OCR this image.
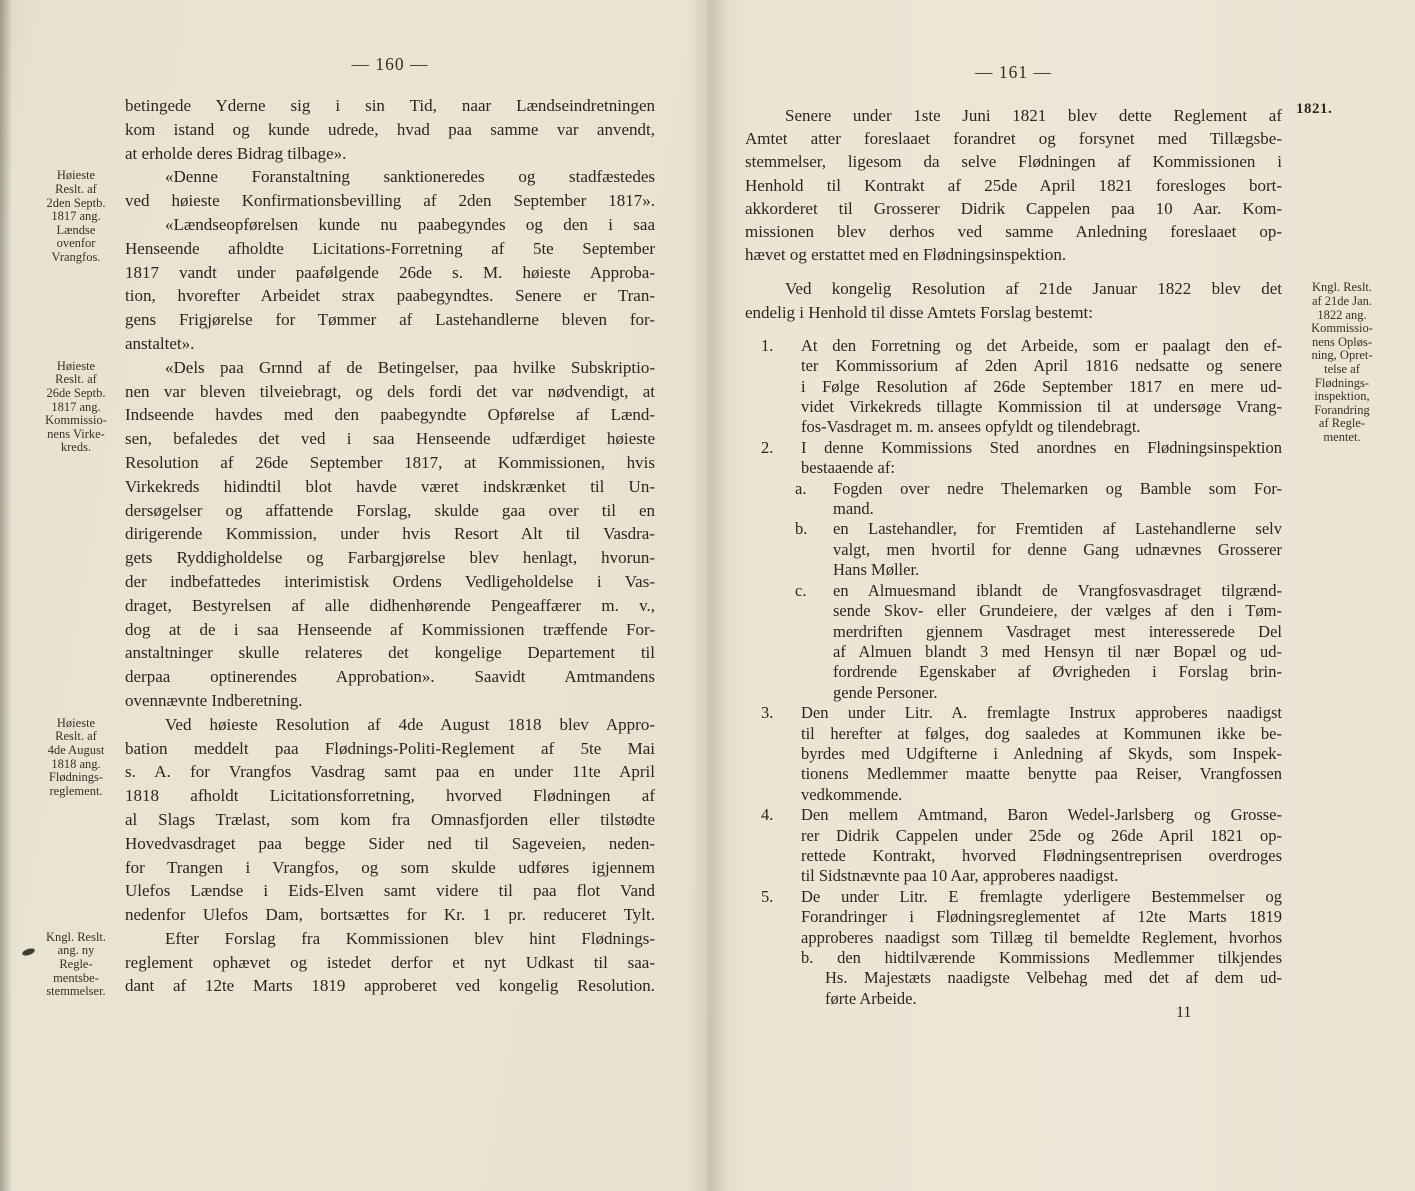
— 160 —
betingede Yderne sig i sin Tid, naar Lændseindretningen
kom istand og kunde udrede, hvad paa samme var anvendt,
at erholde deres Bidrag tilbage».
Høieste
Reslt. af
2den Septb.
1817 ang.
Lændse
ovenfor
Vrangfos.
«Denne Foranstaltning sanktioneredes og stadfæstedes
ved høieste Konfirmationsbevilling af 2den September 1817».
«Lændseopførelsen kunde nu paabegyndes og den i saa
Henseende afholdte Licitations-Forretning af 5te September
1817 vandt under paafølgende 26de s. M. høieste Approba-
tion, hvorefter Arbeidet strax paabegyndtes. Senere er Tran-
gens Frigjørelse for Tømmer af Lastehandlerne bleven for-
anstaltet».
Høieste
Reslt. af
26de Septb.
1817 ang.
Kommissio-
nens Virke-
kreds.
«Dels paa Grnnd af de Betingelser, paa hvilke Subskriptio-
nen var bleven tilveiebragt, og dels fordi det var nødvendigt, at
Indseende havdes med den paabegyndte Opførelse af Lænd-
sen, befaledes det ved i saa Henseende udfærdiget høieste
Resolution af 26de September 1817, at Kommissionen, hvis
Virkekreds hidindtil blot havde været indskrænket til Un-
dersøgelser og affattende Forslag, skulde gaa over til en
dirigerende Kommission, under hvis Resort Alt til Vasdra-
gets Ryddigholdelse og Farbargjørelse blev henlagt, hvorun-
der indbefattedes interimistisk Ordens Vedligeholdelse i Vas-
draget, Bestyrelsen af alle didhenhørende Pengeaffærer m. v.,
dog at de i saa Henseende af Kommissionen træffende For-
anstaltninger skulle relateres det kongelige Departement til
derpaa optinerendes Approbation». Saavidt Amtmandens
ovennævnte Indberetning.
Høieste
Reslt. af
4de August
1818 ang.
Flødnings-
reglement.
Ved høieste Resolution af 4de August 1818 blev Appro-
bation meddelt paa Flødnings-Politi-Reglement af 5te Mai
s. A. for Vrangfos Vasdrag samt paa en under 11te April
1818 afholdt Licitationsforretning, hvorved Flødningen af
al Slags Trælast, som kom fra Omnasfjorden eller tilstødte
Hovedvasdraget paa begge Sider ned til Sageveien, neden-
for Trangen i Vrangfos, og som skulde udføres igjennem
Ulefos Lændse i Eids-Elven samt videre til paa flot Vand
nedenfor Ulefos Dam, bortsættes for Kr. 1 pr. reduceret Tylt.
Kngl. Reslt.
ang. ny
Regle-
mentsbe-
stemmelser.
Efter Forslag fra Kommissionen blev hint Flødnings-
reglement ophævet og istedet derfor et nyt Udkast til saa-
dant af 12te Marts 1819 approberet ved kongelig Resolution.
— 161 —
1821.
Senere under 1ste Juni 1821 blev dette Reglement af
Amtet atter foreslaaet forandret og forsynet med Tillægsbe-
stemmelser, ligesom da selve Flødningen af Kommissionen i
Henhold til Kontrakt af 25de April 1821 foresloges bort-
akkorderet til Grosserer Didrik Cappelen paa 10 Aar. Kom-
missionen blev derhos ved samme Anledning foreslaaet op-
hævet og erstattet med en Flødningsinspektion.
Kngl. Reslt.
af 21de Jan.
1822 ang.
Kommissio-
nens Opløs-
ning, Opret-
telse af
Flødnings-
inspektion,
Forandring
af Regle-
mentet.
Ved kongelig Resolution af 21de Januar 1822 blev det
endelig i Henhold til disse Amtets Forslag bestemt:
1. At den Forretning og det Arbeide, som er paalagt den ef-
ter Kommissorium af 2den April 1816 nedsatte og senere
i Følge Resolution af 26de September 1817 en mere ud-
videt Virkekreds tillagte Kommission til at undersøge Vrang-
fos-Vasdraget m. m. ansees opfyldt og tilendebragt.
2. I denne Kommissions Sted anordnes en Flødningsinspektion
bestaaende af:
a. Fogden over nedre Thelemarken og Bamble som For-
mand.
b. en Lastehandler, for Fremtiden af Lastehandlerne selv
valgt, men hvortil for denne Gang udnævnes Grosserer
Hans Møller.
c. en Almuesmand iblandt de Vrangfosvasdraget tilgrænd-
sende Skov- eller Grundeiere, der vælges af den i Tøm-
merdriften gjennem Vasdraget mest interesserede Del
af Almuen blandt 3 med Hensyn til nær Bopæl og ud-
fordrende Egenskaber af Øvrigheden i Forslag brin-
gende Personer.
3. Den under Litr. A. fremlagte Instrux approberes naadigst
til herefter at følges, dog saaledes at Kommunen ikke be-
byrdes med Udgifterne i Anledning af Skyds, som Inspek-
tionens Medlemmer maatte benytte paa Reiser, Vrangfossen
vedkommende.
4. Den mellem Amtmand, Baron Wedel-Jarlsberg og Grosse-
rer Didrik Cappelen under 25de og 26de April 1821 op-
rettede Kontrakt, hvorved Flødningsentreprisen overdroges
til Sidstnævnte paa 10 Aar, approberes naadigst.
5. De under Litr. E fremlagte yderligere Bestemmelser og
Forandringer i Flødningsreglementet af 12te Marts 1819
approberes naadigst som Tillæg til bemeldte Reglement, hvorhos
b. den hidtilværende Kommissions Medlemmer tilkjendes
Hs. Majestæts naadigste Velbehag med det af dem ud-
førte Arbeide.
11
